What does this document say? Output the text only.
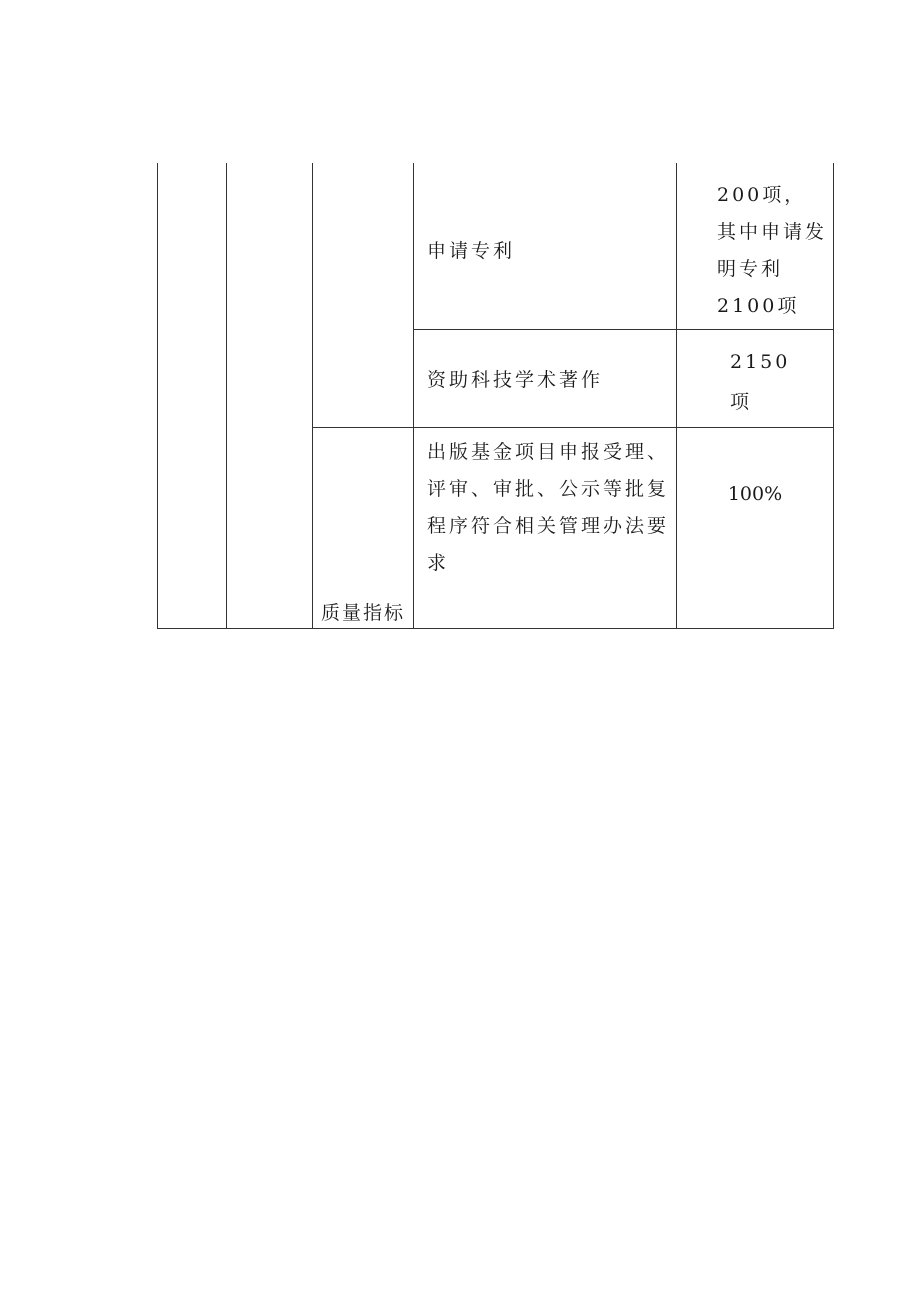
			申请专利	200项，其中申请发明专利2100项

			资助科技学术著作	2150项

		质量指标	出版基金项目申报受理、评审、审批、公示等批复程序符合相关管理办法要求	100%
